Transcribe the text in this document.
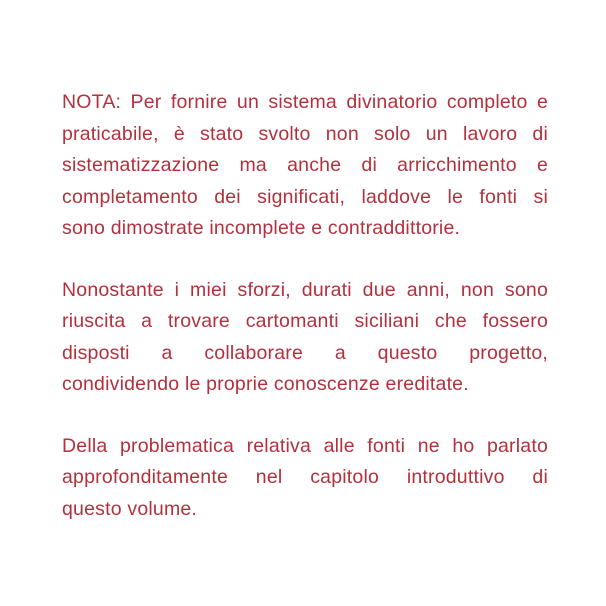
NOTA: Per fornire un sistema divinatorio completo e
praticabile, è stato svolto non solo un lavoro di
sistematizzazione ma anche di arricchimento e
completamento dei significati, laddove le fonti si
sono dimostrate incomplete e contraddittorie.

Nonostante i miei sforzi, durati due anni, non sono
riuscita a trovare cartomanti siciliani che fossero
disposti a collaborare a questo progetto,
condividendo le proprie conoscenze ereditate.

Della problematica relativa alle fonti ne ho parlato
approfonditamente nel capitolo introduttivo di
questo volume.
